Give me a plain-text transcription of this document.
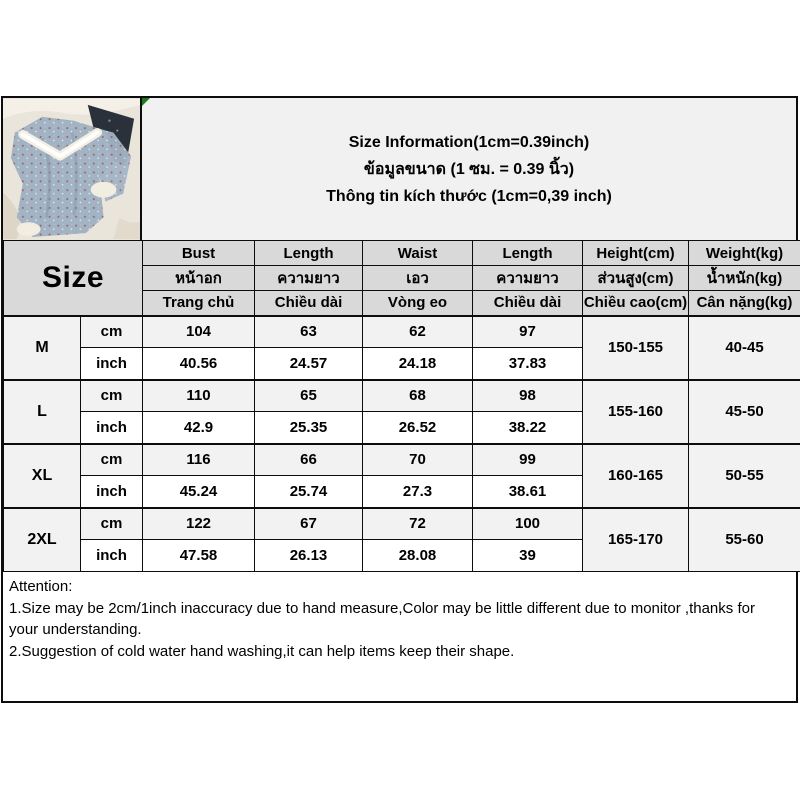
Size Information(1cm=0.39inch)
ข้อมูลขนาด (1 ซม. = 0.39 นิ้ว)
Thông tin kích thước (1cm=0,39 inch)
Size		Bust	Length	Waist	Length	Height(cm)	Weight(kg)
		หน้าอก	ความยาว	เอว	ความยาว	ส่วนสูง(cm)	น้ำหนัก(kg)
		Trang chủ	Chiều dài	Vòng eo	Chiều dài	Chiều cao(cm)	Cân nặng(kg)
M	cm	104	63	62	97	150-155	40-45
	inch	40.56	24.57	24.18	37.83		
L	cm	110	65	68	98	155-160	45-50
	inch	42.9	25.35	26.52	38.22		
XL	cm	116	66	70	99	160-165	50-55
	inch	45.24	25.74	27.3	38.61		
2XL	cm	122	67	72	100	165-170	55-60
	inch	47.58	26.13	28.08	39		
Attention:
1.Size may be 2cm/1inch inaccuracy due to hand measure,Color may be little different due to monitor ,thanks for your understanding.
2.Suggestion of cold water hand washing,it can help items keep their shape.
